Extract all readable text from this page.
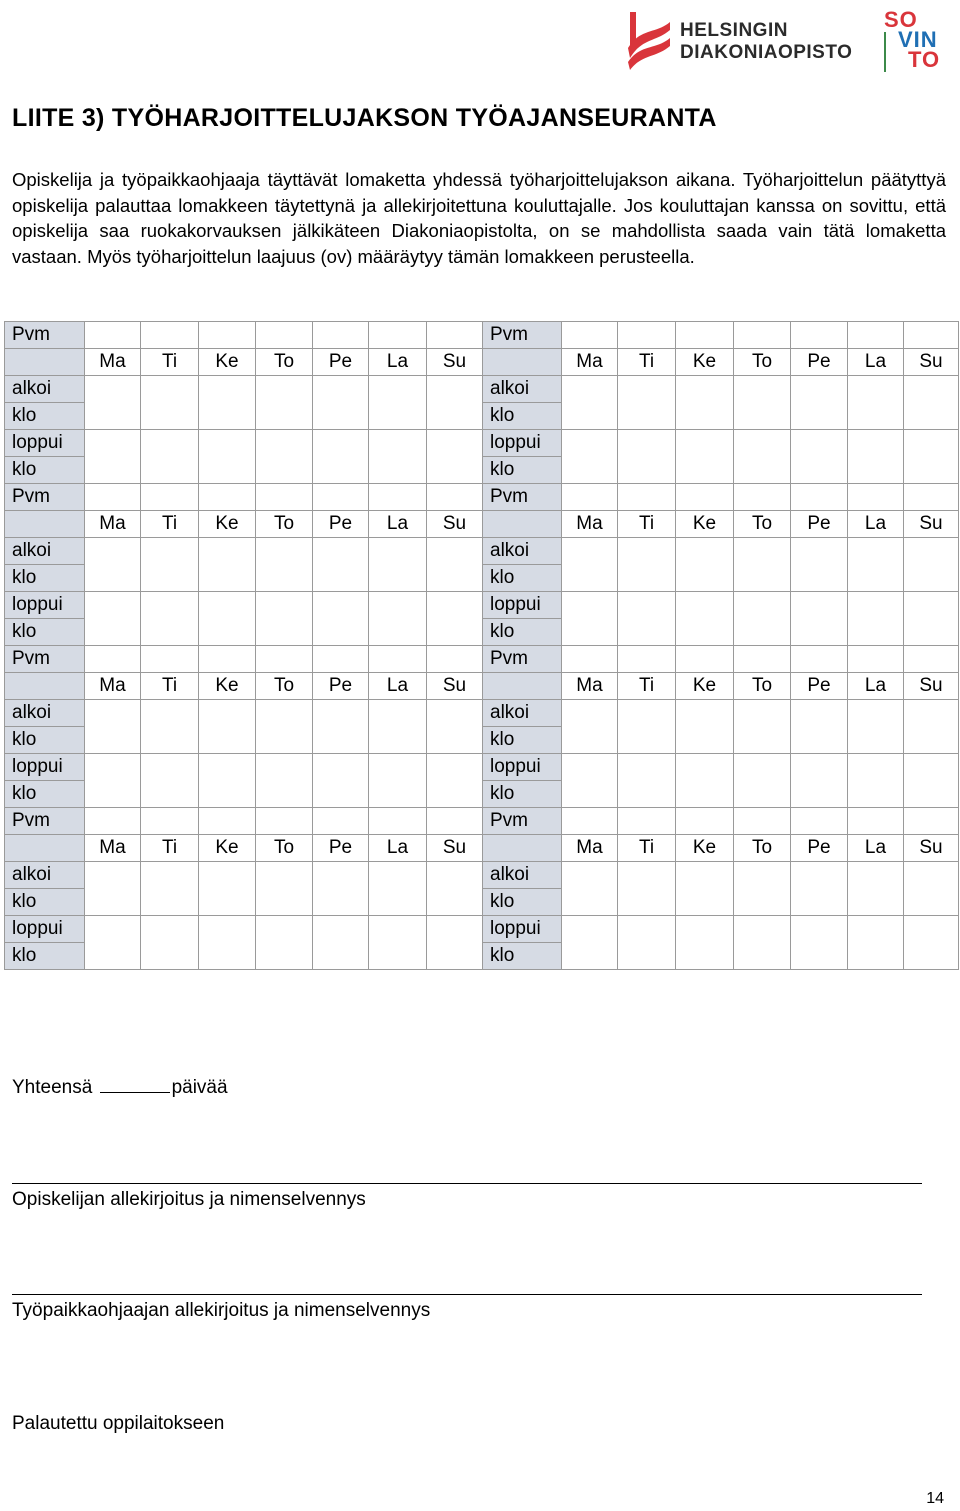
HELSINGIN
DIAKONIAOPISTO
SO
VIN
TO
LIITE 3) TYÖHARJOITTELUJAKSON TYÖAJANSEURANTA

Opiskelija ja työpaikkaohjaaja täyttävät lomaketta yhdessä työharjoittelujakson aikana. Työharjoittelun päätyttyä opiskelija palauttaa lomakkeen täytettynä ja allekirjoitettuna kouluttajalle. Jos kouluttajan kanssa on sovittu, että opiskelija saa ruokakorvauksen jälkikäteen Diakoniaopistolta, on se mahdollista saada vain tätä lomaketta vastaan. Myös työharjoittelun laajuus (ov) määräytyy tämän lomakkeen perusteella.

Pvm								Pvm							
	Ma	Ti	Ke	To	Pe	La	Su		Ma	Ti	Ke	To	Pe	La	Su
alkoi								alkoi							
klo								klo							
loppui								loppui							
klo								klo							
Pvm								Pvm							
	Ma	Ti	Ke	To	Pe	La	Su		Ma	Ti	Ke	To	Pe	La	Su
alkoi								alkoi							
klo								klo							
loppui								loppui							
klo								klo							
Pvm								Pvm							
	Ma	Ti	Ke	To	Pe	La	Su		Ma	Ti	Ke	To	Pe	La	Su
alkoi								alkoi							
klo								klo							
loppui								loppui							
klo								klo							
Pvm								Pvm							
	Ma	Ti	Ke	To	Pe	La	Su		Ma	Ti	Ke	To	Pe	La	Su
alkoi								alkoi							
klo								klo							
loppui								loppui							
klo								klo							
Yhteensä	päivää
Opiskelijan allekirjoitus ja nimenselvennys
Työpaikkaohjaajan allekirjoitus ja nimenselvennys
Palautettu oppilaitokseen
14
